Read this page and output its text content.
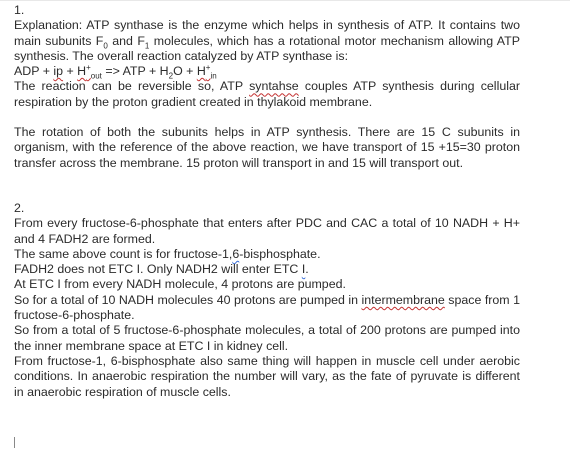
1.

Explanation: ATP synthase is the enzyme which helps in synthesis of ATP. It contains two main subunits $F_0$ and $F_1$ molecules, which has a rotational motor mechanism allowing ATP synthesis. The overall reaction catalyzed by ATP synthase is:

ADP + ip + $H^+_{out}$ => ATP + $H_2O + H^+_{in}$

The reaction can be reversible so, ATP syntahse couples ATP synthesis during cellular respiration by the proton gradient created in thylakoid membrane.

The rotation of both the subunits helps in ATP synthesis. There are 15 C subunits in organism, with the reference of the above reaction, we have transport of 15 +15=30 proton transfer across the membrane. 15 proton will transport in and 15 will transport out.

2.

From every fructose-6-phosphate that enters after PDC and CAC a total of 10 NADH + H+ and 4 FADH2 are formed.

The same above count is for fructose-1,6-bisphosphate.

FADH2 does not ETC I. Only NADH2 will enter ETC I.

At ETC I from every NADH molecule, 4 protons are pumped.

So for a total of 10 NADH molecules 40 protons are pumped in intermembrane space from 1 fructose-6-phosphate.

So from a total of 5 fructose-6-phosphate molecules, a total of 200 protons are pumped into the inner membrane space at ETC I in kidney cell.

From fructose-1, 6-bisphosphate also same thing will happen in muscle cell under aerobic conditions. In anaerobic respiration the number will vary, as the fate of pyruvate is different in anaerobic respiration of muscle cells.
